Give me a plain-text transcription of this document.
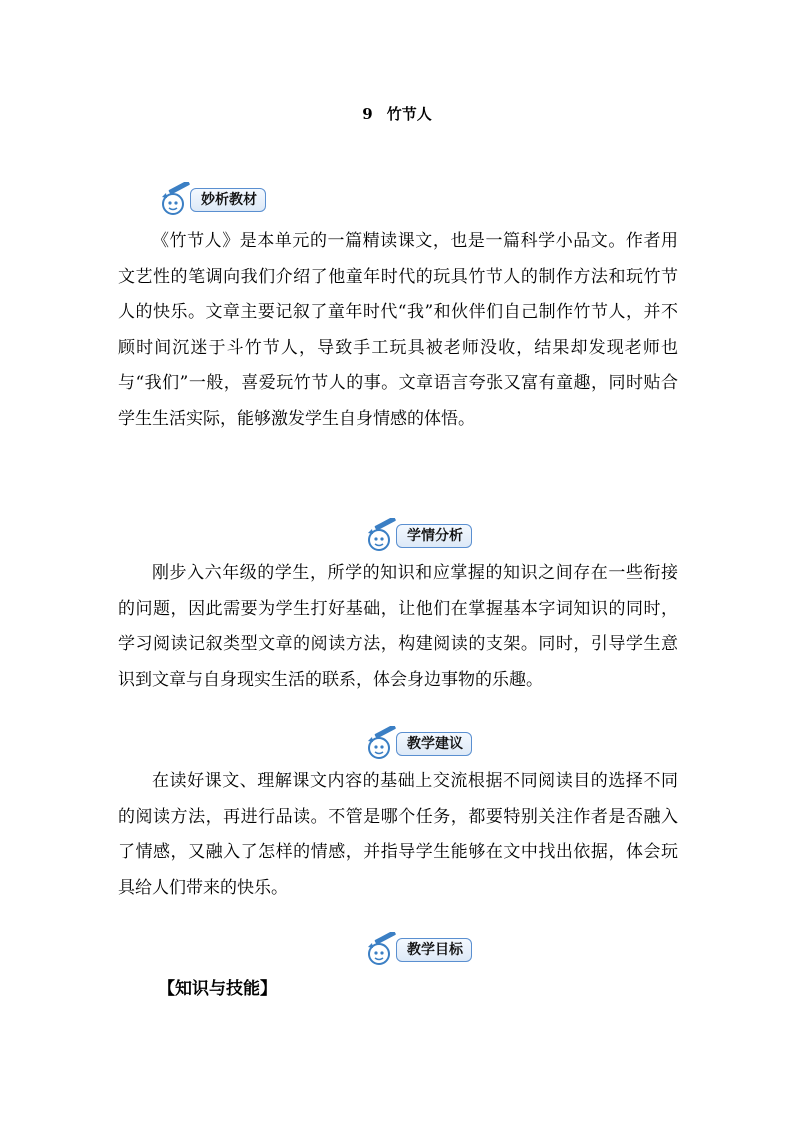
9 竹节人
妙析教材

《竹节人》是本单元的一篇精读课文，也是一篇科学小品文。作者用文艺性的笔调向我们介绍了他童年时代的玩具竹节人的制作方法和玩竹节人的快乐。文章主要记叙了童年时代“我”和伙伴们自己制作竹节人，并不顾时间沉迷于斗竹节人，导致手工玩具被老师没收，结果却发现老师也与“我们”一般，喜爱玩竹节人的事。文章语言夸张又富有童趣，同时贴合学生生活实际，能够激发学生自身情感的体悟。

学情分析

刚步入六年级的学生，所学的知识和应掌握的知识之间存在一些衔接的问题，因此需要为学生打好基础，让他们在掌握基本字词知识的同时，学习阅读记叙类型文章的阅读方法，构建阅读的支架。同时，引导学生意识到文章与自身现实生活的联系，体会身边事物的乐趣。

教学建议

在读好课文、理解课文内容的基础上交流根据不同阅读目的选择不同的阅读方法，再进行品读。不管是哪个任务，都要特别关注作者是否融入了情感，又融入了怎样的情感，并指导学生能够在文中找出依据，体会玩具给人们带来的快乐。

教学目标
【知识与技能】
